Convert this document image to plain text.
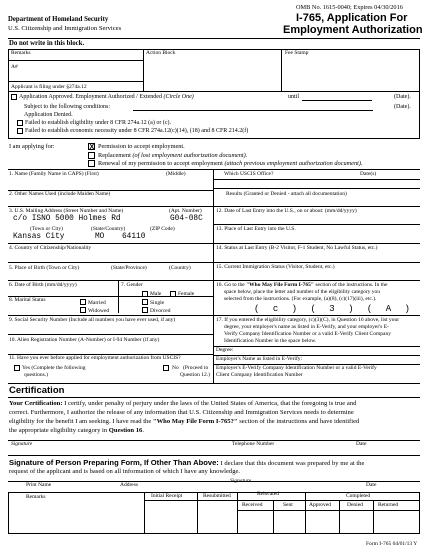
OMB No. 1615-0040; Expires 04/30/2016
Department of Homeland Security
U.S. Citizenship and Immigration Services
I-765, Application For
Employment Authorization
Do not write in this block.
Remarks	Action Block	Fee Stamp
A#
Applicant is filing under §274a.12
Application Approved. Employment Authorized / Extended (Circle One)	until	(Date).
Subject to the following conditions:	(Date).
Application Denied.
Failed to establish eligibility under 8 CFR 274a.12 (a) or (c).
Failed to establish economic necessity under 8 CFR 274a.12(c)(14), (18) and 8 CFR 214.2(f)
I am applying for:	X Permission to accept employment.
Replacement (of lost employment authorization document).
Renewal of my permission to accept employment (attach previous employment authorization document).
1. Name (Family Name in CAPS) (First)	(Middle)
2. Other Names Used (include Maiden Name)
3. U.S. Mailing Address (Street Number and Name)	(Apt. Number)
c/o ISNO 5000 Holmes Rd	G04-08C
(Town or City)	(State/Country)	(ZIP Code)
Kansas City	MO 64110
4. Country of Citizenship/Nationality
5. Place of Birth (Town or City)	(State/Province)	(Country)
6. Date of Birth (mm/dd/yyyy)	7. Gender
Male	Female
8. Marital Status	Married	Single
Widowed	Divorced
9. Social Security Number (Include all numbers you have ever used, if any)
10. Alien Registration Number (A-Number) or I-94 Number (if any)
11. Have you ever before applied for employment authorization from USCIS?
Yes (Complete the following
questions.)
No (Proceed to
Question 12.)
Which USCIS Office?	Date(s)
Results (Granted or Denied - attach all documentation)
12. Date of Last Entry into the U.S., on or about: (mm/dd/yyyy)
13. Place of Last Entry into the U.S.
14. Status at Last Entry (B-2 Visitor, F-1 Student, No Lawful Status, etc.)
15. Current Immigration Status (Visitor, Student, etc.)
16. Go to the "Who May File Form I-765" section of the instructions. In the
space below, place the letter and number of the eligibility category you
selected from the instructions. (For example, (a)(8), (c)(17)(iii), etc.).
( c ) ( 3 ) ( A )
17. If you entered the eligibility category, (c)(3)(C), in Question 16 above, list your
degree, your employer's name as listed in E-Verify, and your employer's E-
Verify Company Identification Number or a valid E-Verify Client Company
Identification Number in the space below.
Degree:
Employer's Name as listed in E-Verify:
Employer's E-Verify Company Identification Number or a valid E-Verify
Client Company Identification Number
Certification
Your Certification: I certify, under penalty of perjury under the laws of the United States of America, that the foregoing is true and
correct. Furthermore, I authorize the release of any information that U.S. Citizenship and Immigration Services needs to determine
eligibility for the benefit I am seeking. I have read the "Who May File Form I-765?" section of the instructions and have identified
the appropriate eligibility category in Question 16.
Signature	Telephone Number	Date
Signature of Person Preparing Form, If Other Than Above: I declare that this document was prepared by me at the
request of the applicant and is based on all information of which I have any knowledge.
Print Name	Address
Signature
Date
Remarks	Initial Receipt	Resubmitted	Relocated	Completed
Received	Sent	Approved	Denied	Returned
Form I-765 04/01/13 Y
